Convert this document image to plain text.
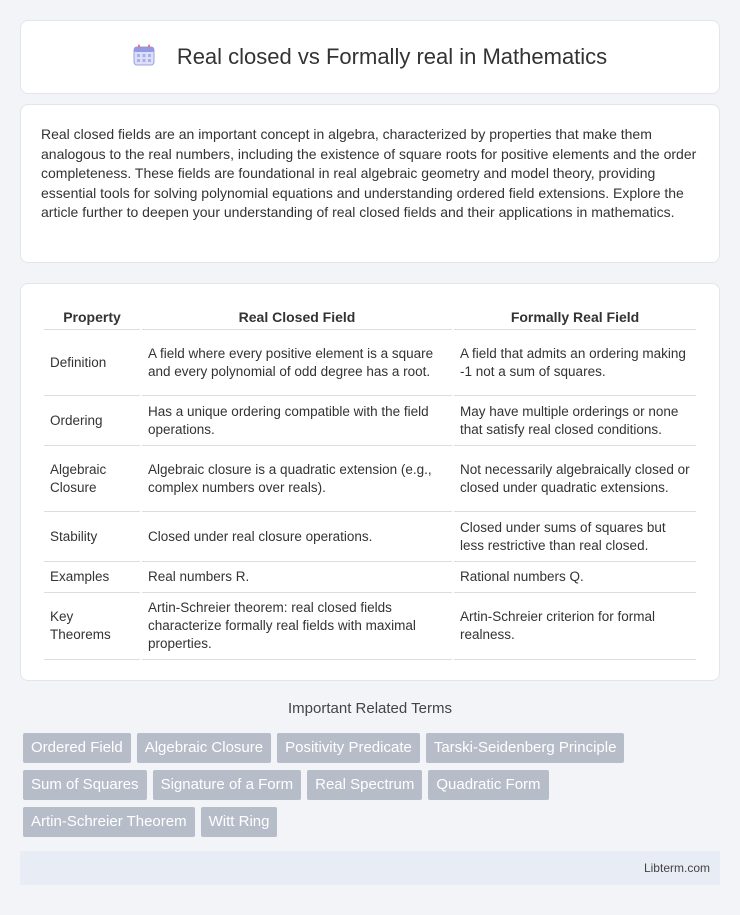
Real closed vs Formally real in Mathematics

Real closed fields are an important concept in algebra, characterized by properties that make them analogous to the real numbers, including the existence of square roots for positive elements and the order completeness. These fields are foundational in real algebraic geometry and model theory, providing essential tools for solving polynomial equations and understanding ordered field extensions. Explore the article further to deepen your understanding of real closed fields and their applications in mathematics.

Property	Real Closed Field	Formally Real Field
Definition	A field where every positive element is a square and every polynomial of odd degree has a root.	A field that admits an ordering making -1 not a sum of squares.
Ordering	Has a unique ordering compatible with the field operations.	May have multiple orderings or none that satisfy real closed conditions.
Algebraic Closure	Algebraic closure is a quadratic extension (e.g., complex numbers over reals).	Not necessarily algebraically closed or closed under quadratic extensions.
Stability	Closed under real closure operations.	Closed under sums of squares but less restrictive than real closed.
Examples	Real numbers R.	Rational numbers Q.
Key Theorems	Artin-Schreier theorem: real closed fields characterize formally real fields with maximal properties.	Artin-Schreier criterion for formal realness.
Important Related Terms
Ordered Field	Algebraic Closure	Positivity Predicate	Tarski-Seidenberg Principle
Sum of Squares	Signature of a Form	Real Spectrum	Quadratic Form
Artin-Schreier Theorem	Witt Ring
Libterm.com
